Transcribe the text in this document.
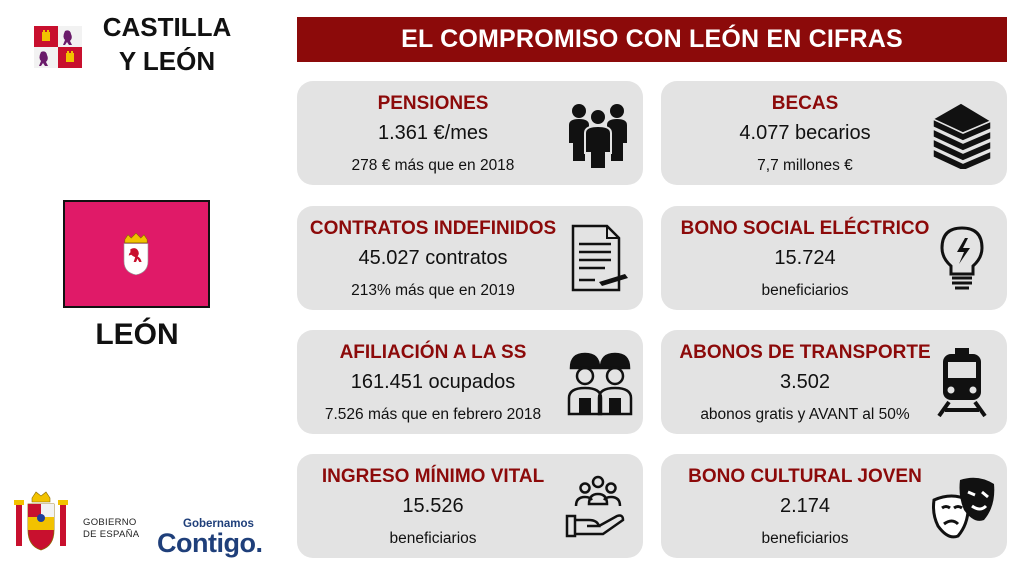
CASTILLA
Y LEÓN
EL COMPROMISO CON LEÓN EN CIFRAS
LEÓN
PENSIONES
1.361 €/mes
278 € más que en 2018
BECAS
4.077 becarios
7,7 millones €
CONTRATOS INDEFINIDOS
45.027 contratos
213% más que en 2019
BONO SOCIAL ELÉCTRICO
15.724
beneficiarios
AFILIACIÓN A LA SS
161.451 ocupados
7.526 más que en febrero 2018
ABONOS DE TRANSPORTE
3.502
abonos gratis y AVANT al 50%
INGRESO MÍNIMO VITAL
15.526
beneficiarios
BONO CULTURAL JOVEN
2.174
beneficiarios
GOBIERNO
DE ESPAÑA
Gobernamos
Contigo.
